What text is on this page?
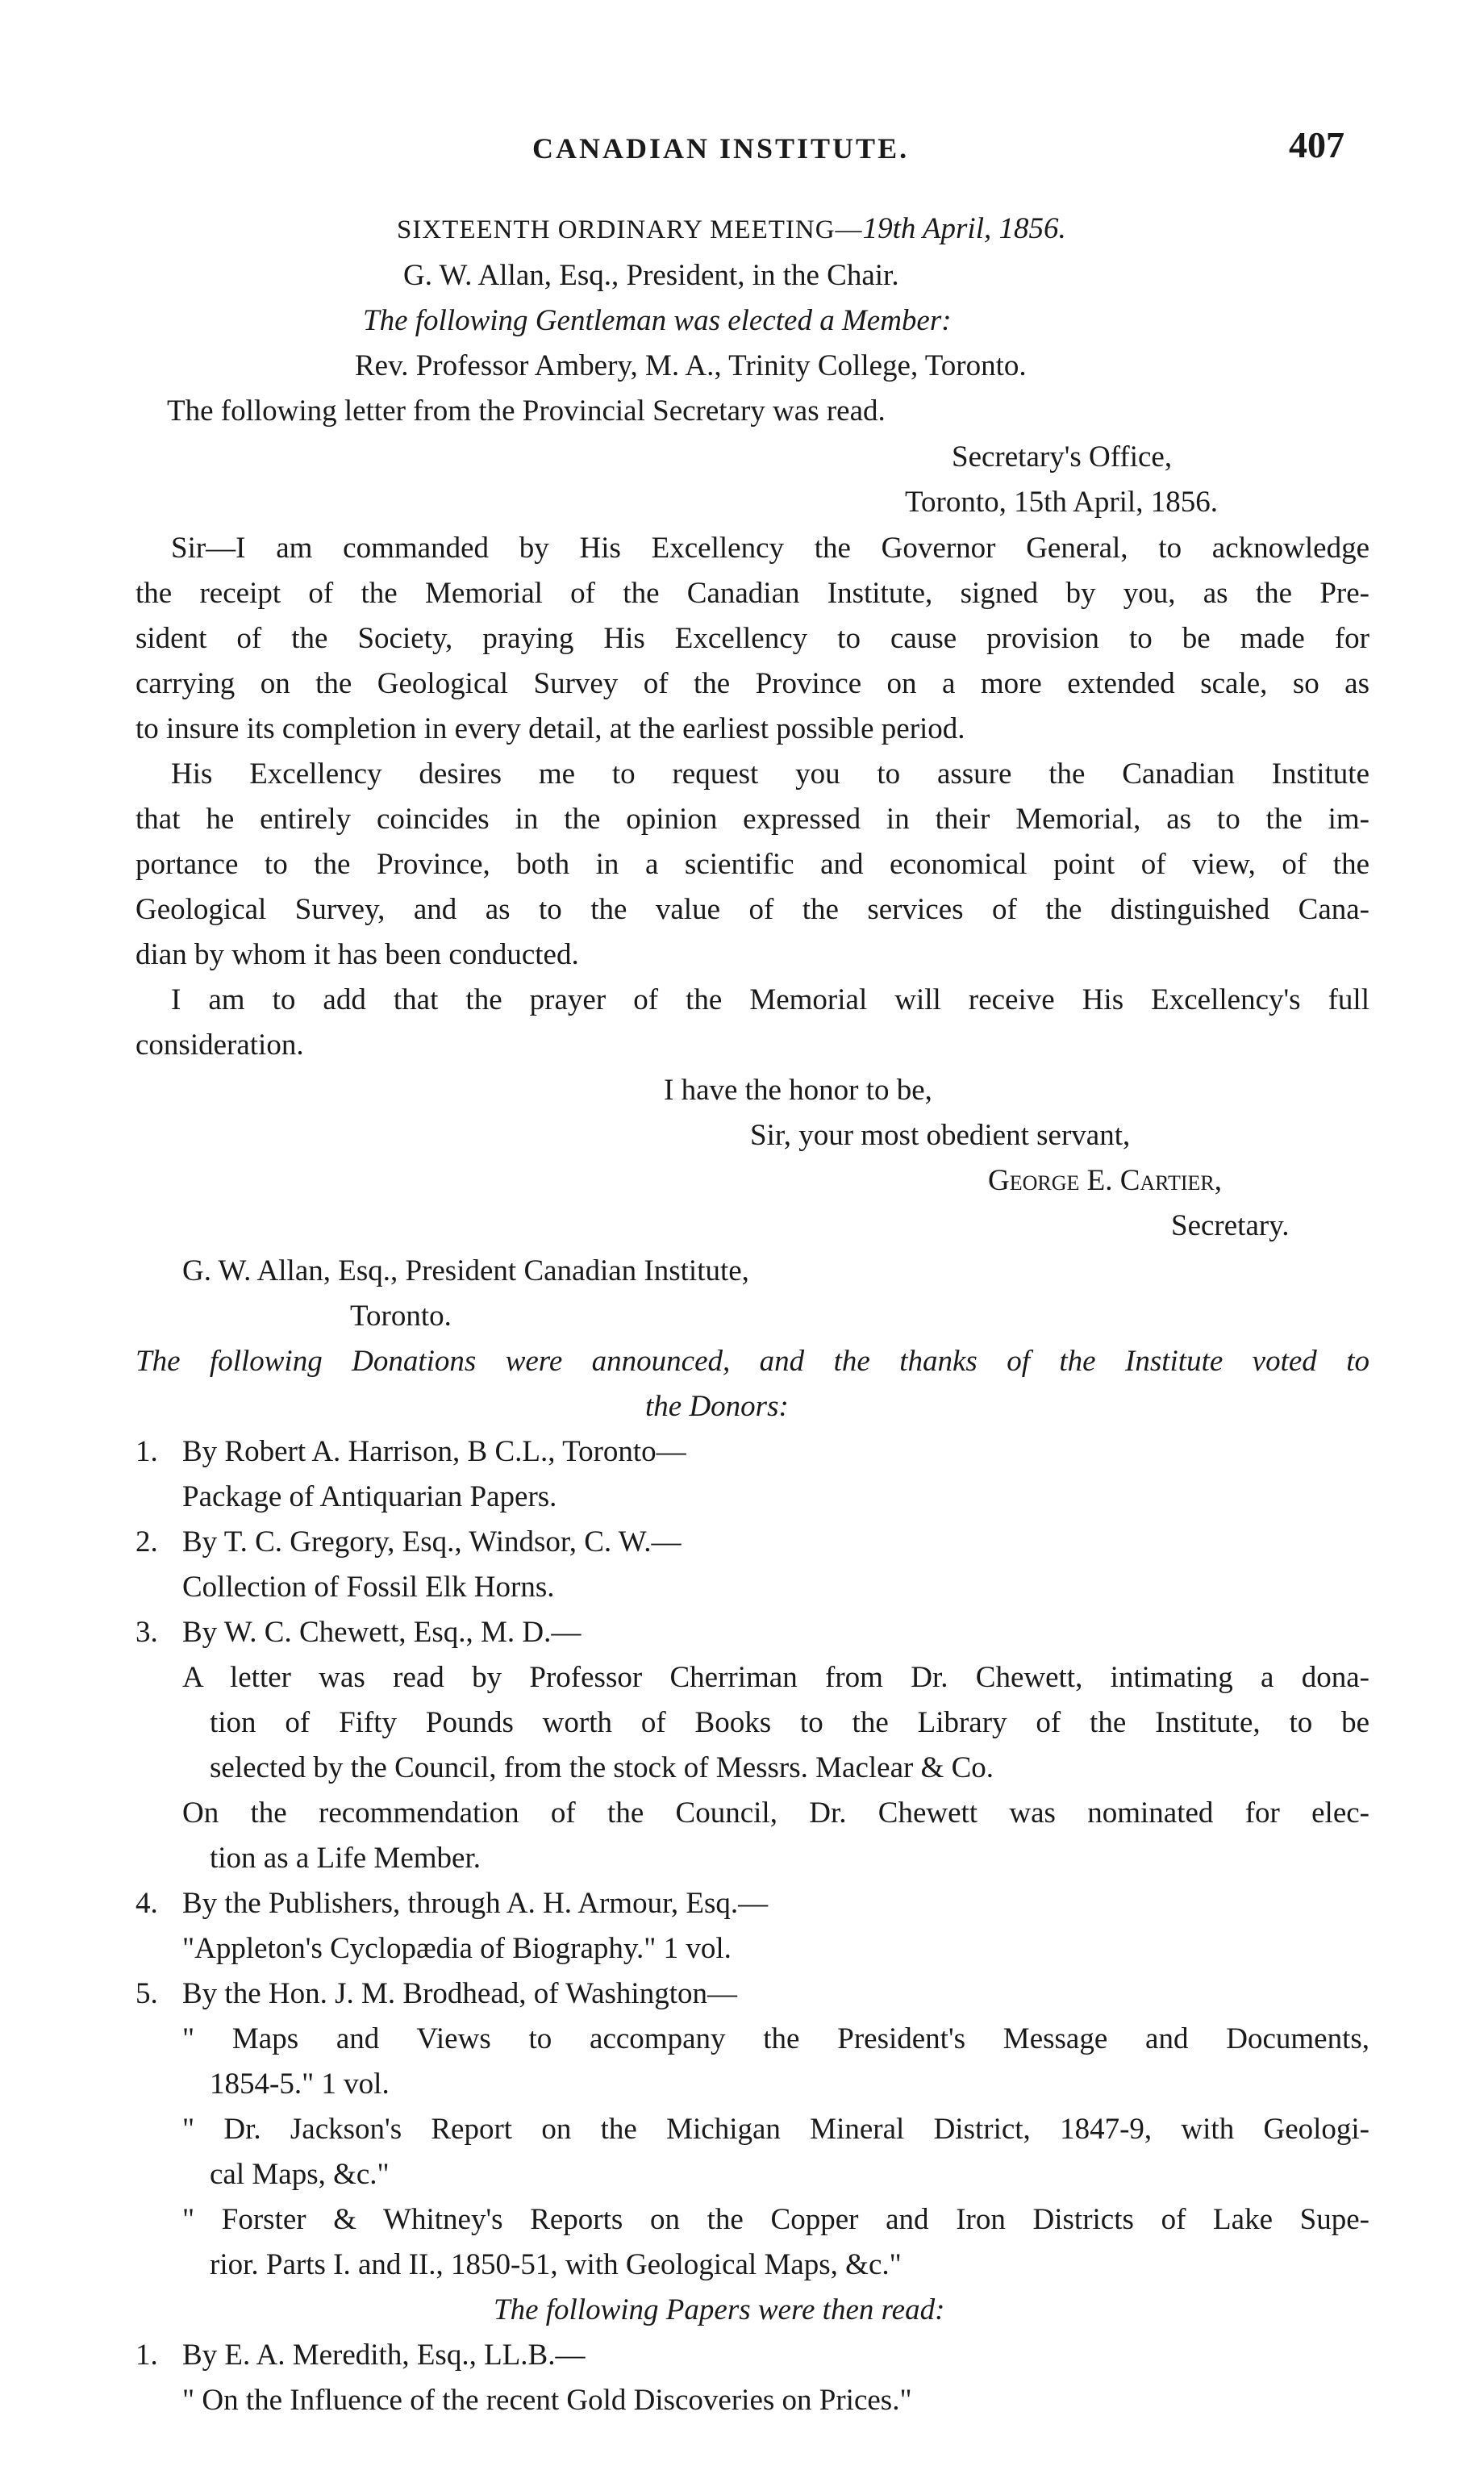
CANADIAN INSTITUTE.	407
SIXTEENTH ORDINARY MEETING—19th April, 1856.
G. W. Allan, Esq., President, in the Chair.
The following Gentleman was elected a Member:
Rev. Professor Ambery, M. A., Trinity College, Toronto.
The following letter from the Provincial Secretary was read.
Secretary's Office,
Toronto, 15th April, 1856.
Sir—I am commanded by His Excellency the Governor General, to acknowledge
the receipt of the Memorial of the Canadian Institute, signed by you, as the Pre-
sident of the Society, praying His Excellency to cause provision to be made for
carrying on the Geological Survey of the Province on a more extended scale, so as
to insure its completion in every detail, at the earliest possible period.
His Excellency desires me to request you to assure the Canadian Institute
that he entirely coincides in the opinion expressed in their Memorial, as to the im-
portance to the Province, both in a scientific and economical point of view, of the
Geological Survey, and as to the value of the services of the distinguished Cana-
dian by whom it has been conducted.
I am to add that the prayer of the Memorial will receive His Excellency's full
consideration.
I have the honor to be,
Sir, your most obedient servant,
George E. Cartier,
Secretary.
G. W. Allan, Esq., President Canadian Institute,
Toronto.
The following Donations were announced, and the thanks of the Institute voted to
the Donors:
1. By Robert A. Harrison, B C.L., Toronto—
Package of Antiquarian Papers.
2. By T. C. Gregory, Esq., Windsor, C. W.—
Collection of Fossil Elk Horns.
3. By W. C. Chewett, Esq., M. D.—
A letter was read by Professor Cherriman from Dr. Chewett, intimating a dona-
tion of Fifty Pounds worth of Books to the Library of the Institute, to be
selected by the Council, from the stock of Messrs. Maclear & Co.
On the recommendation of the Council, Dr. Chewett was nominated for elec-
tion as a Life Member.
4. By the Publishers, through A. H. Armour, Esq.—
"Appleton's Cyclopædia of Biography." 1 vol.
5. By the Hon. J. M. Brodhead, of Washington—
" Maps and Views to accompany the President's Message and Documents,
1854-5." 1 vol.
" Dr. Jackson's Report on the Michigan Mineral District, 1847-9, with Geologi-
cal Maps, &c."
" Forster & Whitney's Reports on the Copper and Iron Districts of Lake Supe-
rior. Parts I. and II., 1850-51, with Geological Maps, &c."
The following Papers were then read:
1. By E. A. Meredith, Esq., LL.B.—
" On the Influence of the recent Gold Discoveries on Prices."
